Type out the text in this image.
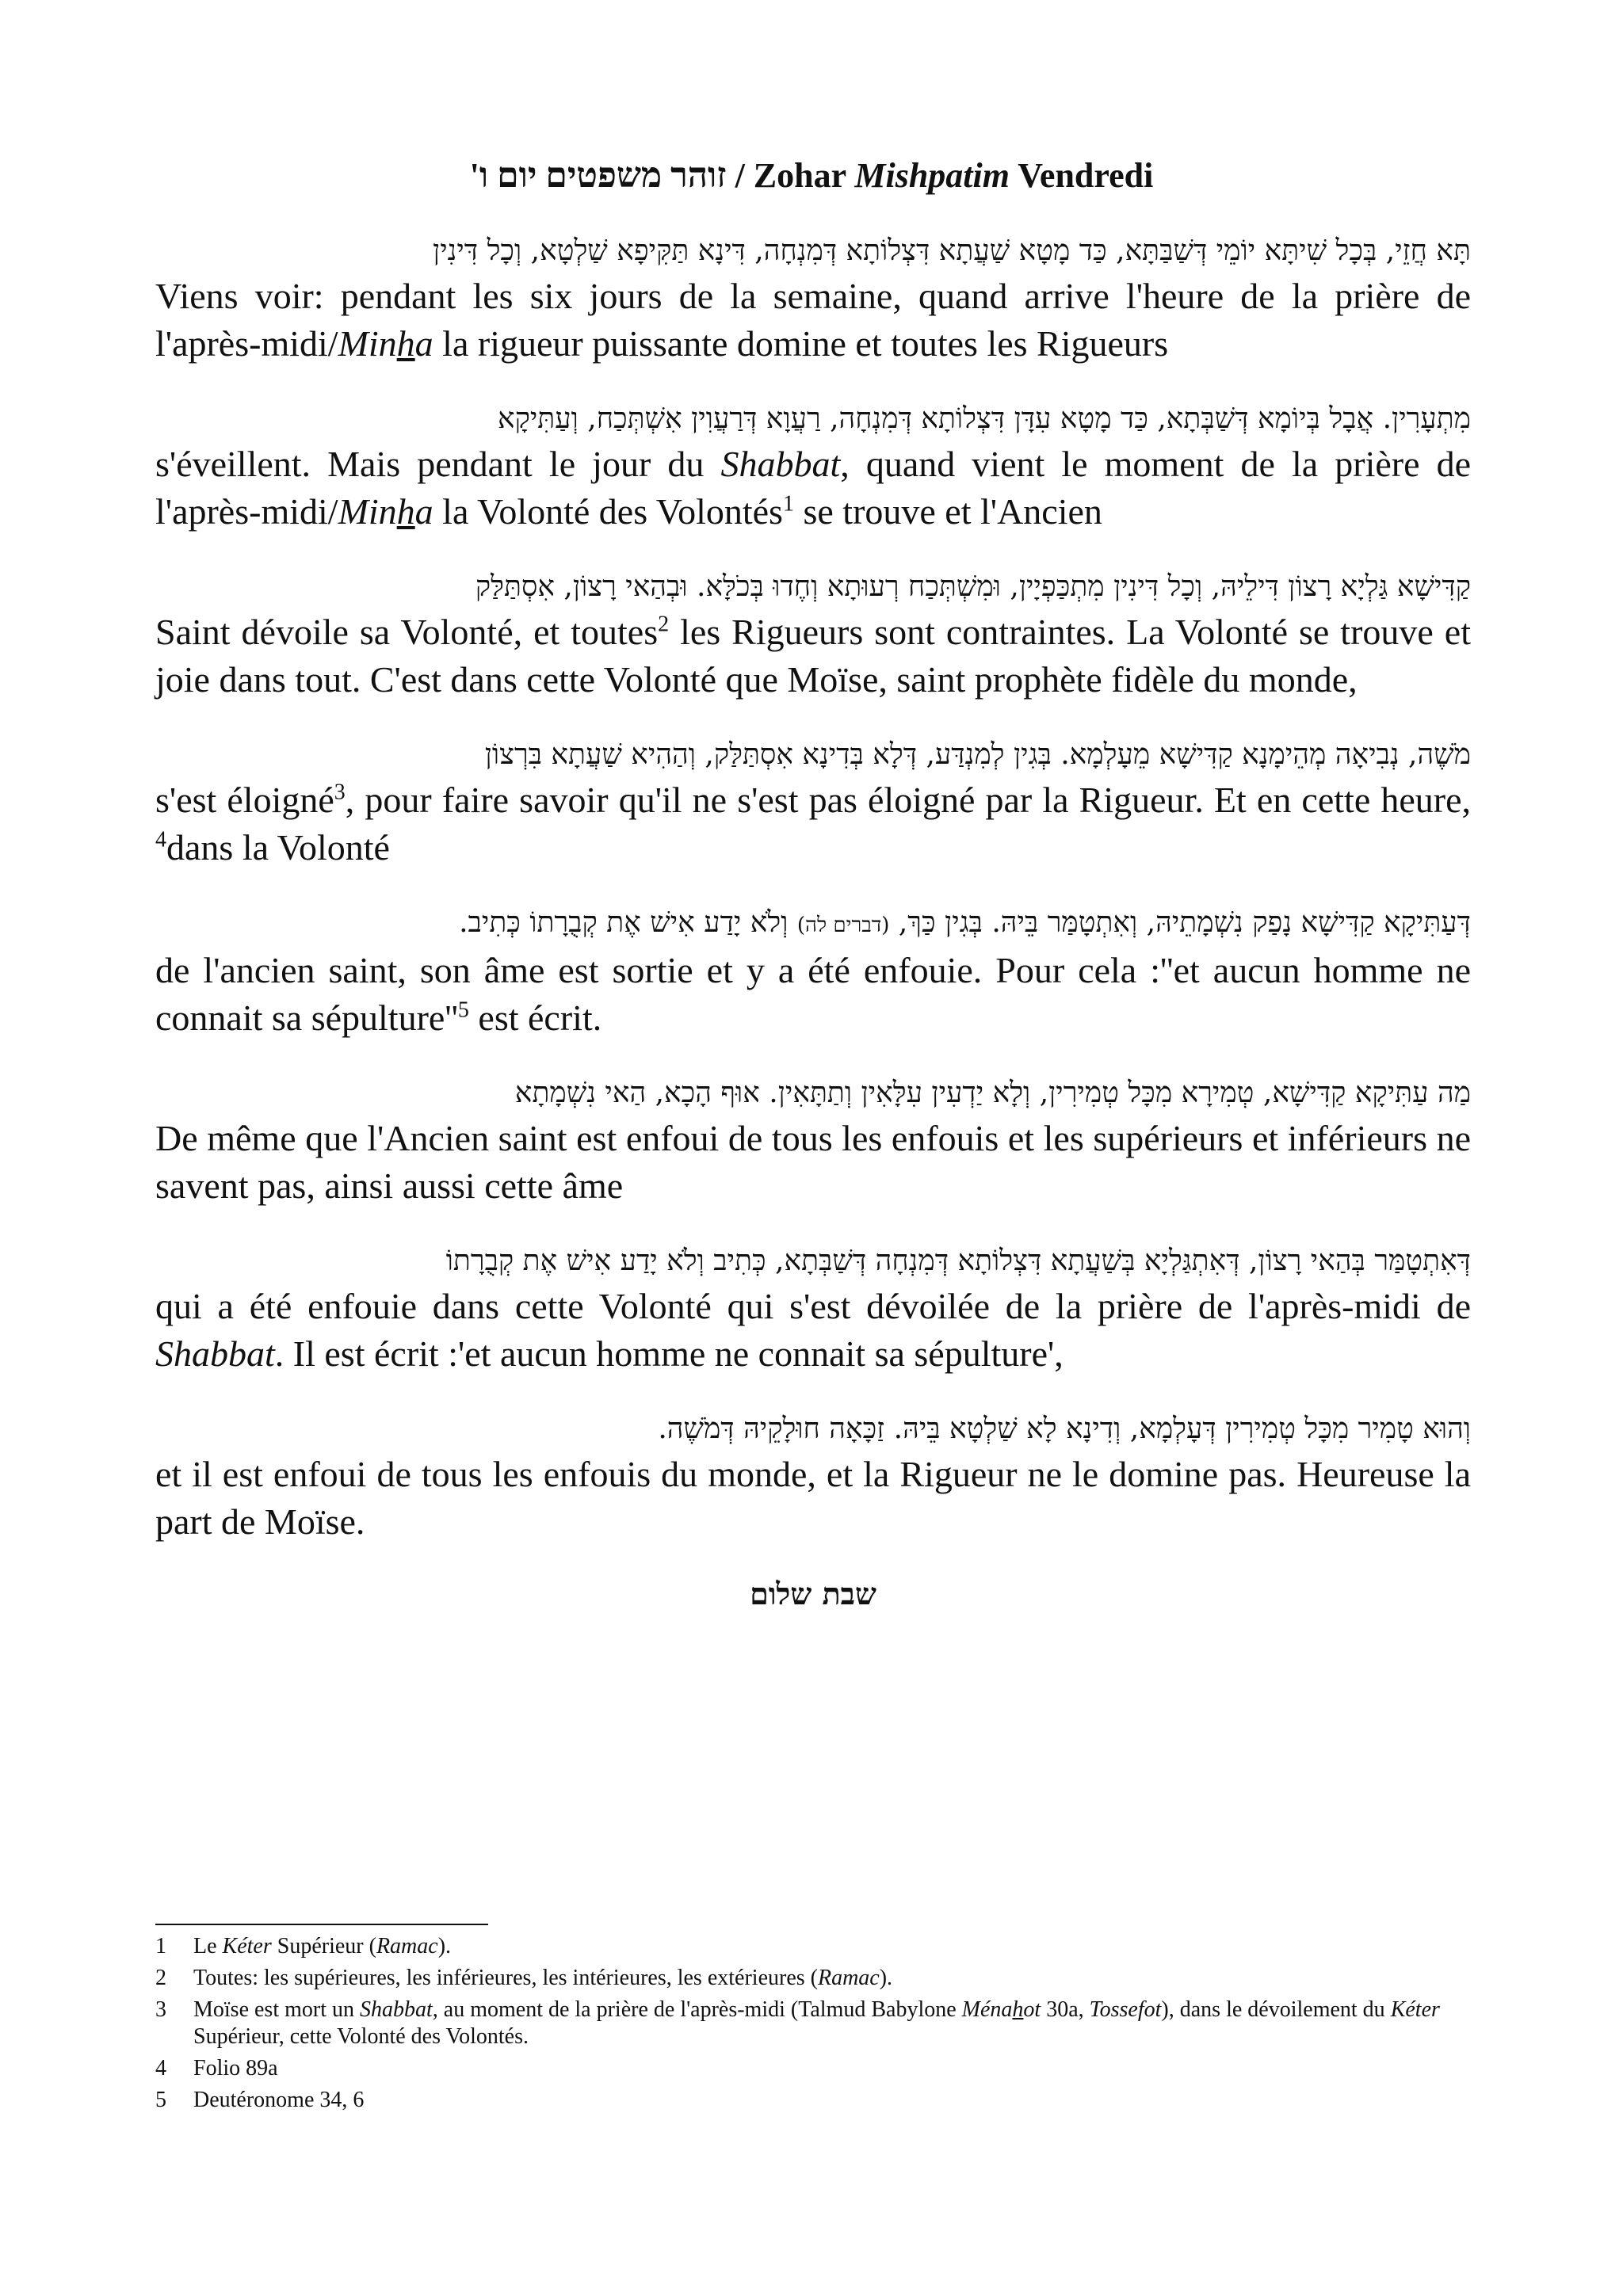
זוהר משפטים יום ו' / Zohar Mishpatim Vendredi
תָּא חֲזֵי, בְּכָל שִׁיתָּא יוֹמֵי דְּשַׁבַּתָּא, כַּד מָטָא שַׁעֲתָא דִּצְלוֹתָא דְּמִנְחָה, דִּינָא תַּקִּיפָא שַׁלְטָא, וְכָל דִּינִין
Viens voir: pendant les six jours de la semaine, quand arrive l'heure de la prière de l'après-midi/Minha la rigueur puissante domine et toutes les Rigueurs
מִתְעָרִין. אֲבָל בְּיוֹמָא דְּשַׁבְּתָא, כַּד מָטָא עִדָּן דִּצְלוֹתָא דְּמִנְחָה, רַעֲוָא דְּרַעֲוִין אִשְׁתְּכַח, וְעַתִּיקָא
s'éveillent. Mais pendant le jour du Shabbat, quand vient le moment de la prière de l'après-midi/Minha la Volonté des Volontés$^1$ se trouve et l'Ancien
קַדִּישָׁא גַּלְיָא רָצוֹן דִּילֵיהּ, וְכָל דִּינִין מִתְכַּפְיָין, וּמִשְׁתְּכַח רְעוּתָא וְחֶדוּ בְּכֹלָּא. וּבְהַאי רָצוֹן, אִסְתַּלַּק
Saint dévoile sa Volonté, et toutes$^2$ les Rigueurs sont contraintes. La Volonté se trouve et joie dans tout. C'est dans cette Volonté que Moïse, saint prophète fidèle du monde,
מֹשֶׁה, נְבִיאָה מְהֵימָנָא קַדִּישָׁא מֵעָלְמָא. בְּגִין לְמִנְדַּע, דְּלָא בְּדִינָא אִסְתַּלַּק, וְהַהִיא שַׁעֲתָא בִּרְצוֹן
s'est éloigné$^3$, pour faire savoir qu'il ne s'est pas éloigné par la Rigueur. Et en cette heure, $^4$dans la Volonté
דְּעַתִּיקָא קַדִּישָׁא נָפַק נִשְׁמָתֵיהּ, וְאִתְטָמַּר בֵּיהּ. בְּגִין כַּךְ, (דברים לה) וְלֹא יָדַע אִישׁ אֶת קְבֻרָתוֹ כְּתִיב.
de l'ancien saint, son âme est sortie et y a été enfouie. Pour cela :''et aucun homme ne connait sa $sépulture''^5$ est écrit.
מַה עַתִּיקָא קַדִּישָׁא, טְמִירָא מִכָּל טְמִירִין, וְלָא יַדְעִין עִלָּאִין וְתַתָּאִין. אוּף הָכָא, הַאי נִשְׁמָתָא
De même que l'Ancien saint est enfoui de tous les enfouis et les supérieurs et inférieurs ne savent pas, ainsi aussi cette âme
דְּאִתְטָמַּר בְּהַאי רָצוֹן, דְּאִתְגַּלְיָא בְּשַׁעֲתָא דִּצְלוֹתָא דְּמִנְחָה דְּשַׁבְּתָא, כְּתִיב וְלֹא יָדַע אִישׁ אֶת קְבֻרָתוֹ
qui a été enfouie dans cette Volonté qui s'est dévoilée de la prière de l'après-midi de Shabbat. Il est écrit :'et aucun homme ne connait sa sépulture',
וְהוּא טָמִיר מִכָּל טְמִירִין דְּעָלְמָא, וְדִינָא לָא שַׁלְטָא בֵּיהּ. זַכָּאָה חוּלָקֵיהּ דְּמֹשֶׁה.
et il est enfoui de tous les enfouis du monde, et la Rigueur ne le domine pas. Heureuse la part de Moïse.
שבת שלום
1	Le Kéter Supérieur (Ramac).
2	Toutes: les supérieures, les inférieures, les intérieures, les extérieures (Ramac).
3	Moïse est mort un Shabbat, au moment de la prière de l'après-midi (Talmud Babylone Ménahot 30a, Tossefot), dans le dévoilement du Kéter Supérieur, cette Volonté des Volontés.
4	Folio 89a
5	Deutéronome 34, 6
